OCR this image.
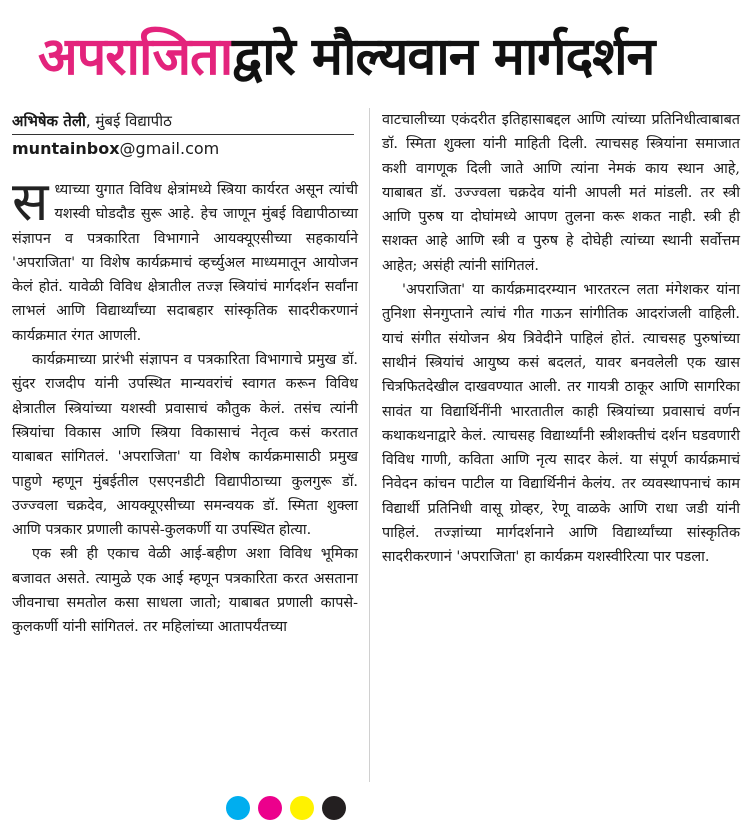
अपराजिताद्वारे मौल्यवान मार्गदर्शन
अभिषेक तेली, मुंबई विद्यापीठ
muntainbox@gmail.com

सध्याच्या युगात विविध क्षेत्रांमध्ये स्त्रिया कार्यरत असून त्यांची यशस्वी घोडदौड सुरू आहे. हेच जाणून मुंबई विद्यापीठाच्या संज्ञापन व पत्रकारिता विभागाने आयक्यूएसीच्या सहकार्याने 'अपराजिता' या विशेष कार्यक्रमाचं व्हर्च्युअल माध्यमातून आयोजन केलं होतं. यावेळी विविध क्षेत्रातील तज्ज्ञ स्त्रियांचं मार्गदर्शन सर्वांना लाभलं आणि विद्यार्थ्यांच्या सदाबहार सांस्कृतिक सादरीकरणानं कार्यक्रमात रंगत आणली.

कार्यक्रमाच्या प्रारंभी संज्ञापन व पत्रकारिता विभागाचे प्रमुख डॉ. सुंदर राजदीप यांनी उपस्थित मान्यवरांचं स्वागत करून विविध क्षेत्रातील स्त्रियांच्या यशस्वी प्रवासाचं कौतुक केलं. तसंच त्यांनी स्त्रियांचा विकास आणि स्त्रिया विकासाचं नेतृत्व कसं करतात याबाबत सांगितलं. 'अपराजिता' या विशेष कार्यक्रमासाठी प्रमुख पाहुणे म्हणून मुंबईतील एसएनडीटी विद्यापीठाच्या कुलगुरू डॉ. उज्ज्वला चक्रदेव, आयक्यूएसीच्या समन्वयक डॉ. स्मिता शुक्ला आणि पत्रकार प्रणाली कापसे-कुलकर्णी या उपस्थित होत्या.

एक स्त्री ही एकाच वेळी आई-बहीण अशा विविध भूमिका बजावत असते. त्यामुळे एक आई म्हणून पत्रकारिता करत असताना जीवनाचा समतोल कसा साधला जातो; याबाबत प्रणाली कापसे-कुलकर्णी यांनी सांगितलं. तर महिलांच्या आतापर्यंतच्या

वाटचालीच्या एकंदरीत इतिहासाबद्दल आणि त्यांच्या प्रतिनिधीत्वाबाबत डॉ. स्मिता शुक्ला यांनी माहिती दिली. त्याचसह स्त्रियांना समाजात कशी वागणूक दिली जाते आणि त्यांना नेमकं काय स्थान आहे, याबाबत डॉ. उज्ज्वला चक्रदेव यांनी आपली मतं मांडली. तर स्त्री आणि पुरुष या दोघांमध्ये आपण तुलना करू शकत नाही. स्त्री ही सशक्त आहे आणि स्त्री व पुरुष हे दोघेही त्यांच्या स्थानी सर्वोत्तम आहेत; असंही त्यांनी सांगितलं.

'अपराजिता' या कार्यक्रमादरम्यान भारतरत्न लता मंगेशकर यांना तुनिशा सेनगुप्ताने त्यांचं गीत गाऊन सांगीतिक आदरांजली वाहिली. याचं संगीत संयोजन श्रेय त्रिवेदीने पाहिलं होतं. त्याचसह पुरुषांच्या साथीनं स्त्रियांचं आयुष्य कसं बदलतं, यावर बनवलेली एक खास चित्रफितदेखील दाखवण्यात आली. तर गायत्री ठाकूर आणि सागरिका सावंत या विद्यार्थिनींनी भारतातील काही स्त्रियांच्या प्रवासाचं वर्णन कथाकथनाद्वारे केलं. त्याचसह विद्यार्थ्यांनी स्त्रीशक्तीचं दर्शन घडवणारी विविध गाणी, कविता आणि नृत्य सादर केलं. या संपूर्ण कार्यक्रमाचं निवेदन कांचन पाटील या विद्यार्थिनीनं केलंय. तर व्यवस्थापनाचं काम विद्यार्थी प्रतिनिधी वासू ग्रोव्हर, रेणू वाळके आणि राधा जडी यांनी पाहिलं. तज्ज्ञांच्या मार्गदर्शनाने आणि विद्यार्थ्यांच्या सांस्कृतिक सादरीकरणानं 'अपराजिता' हा कार्यक्रम यशस्वीरित्या पार पडला.
